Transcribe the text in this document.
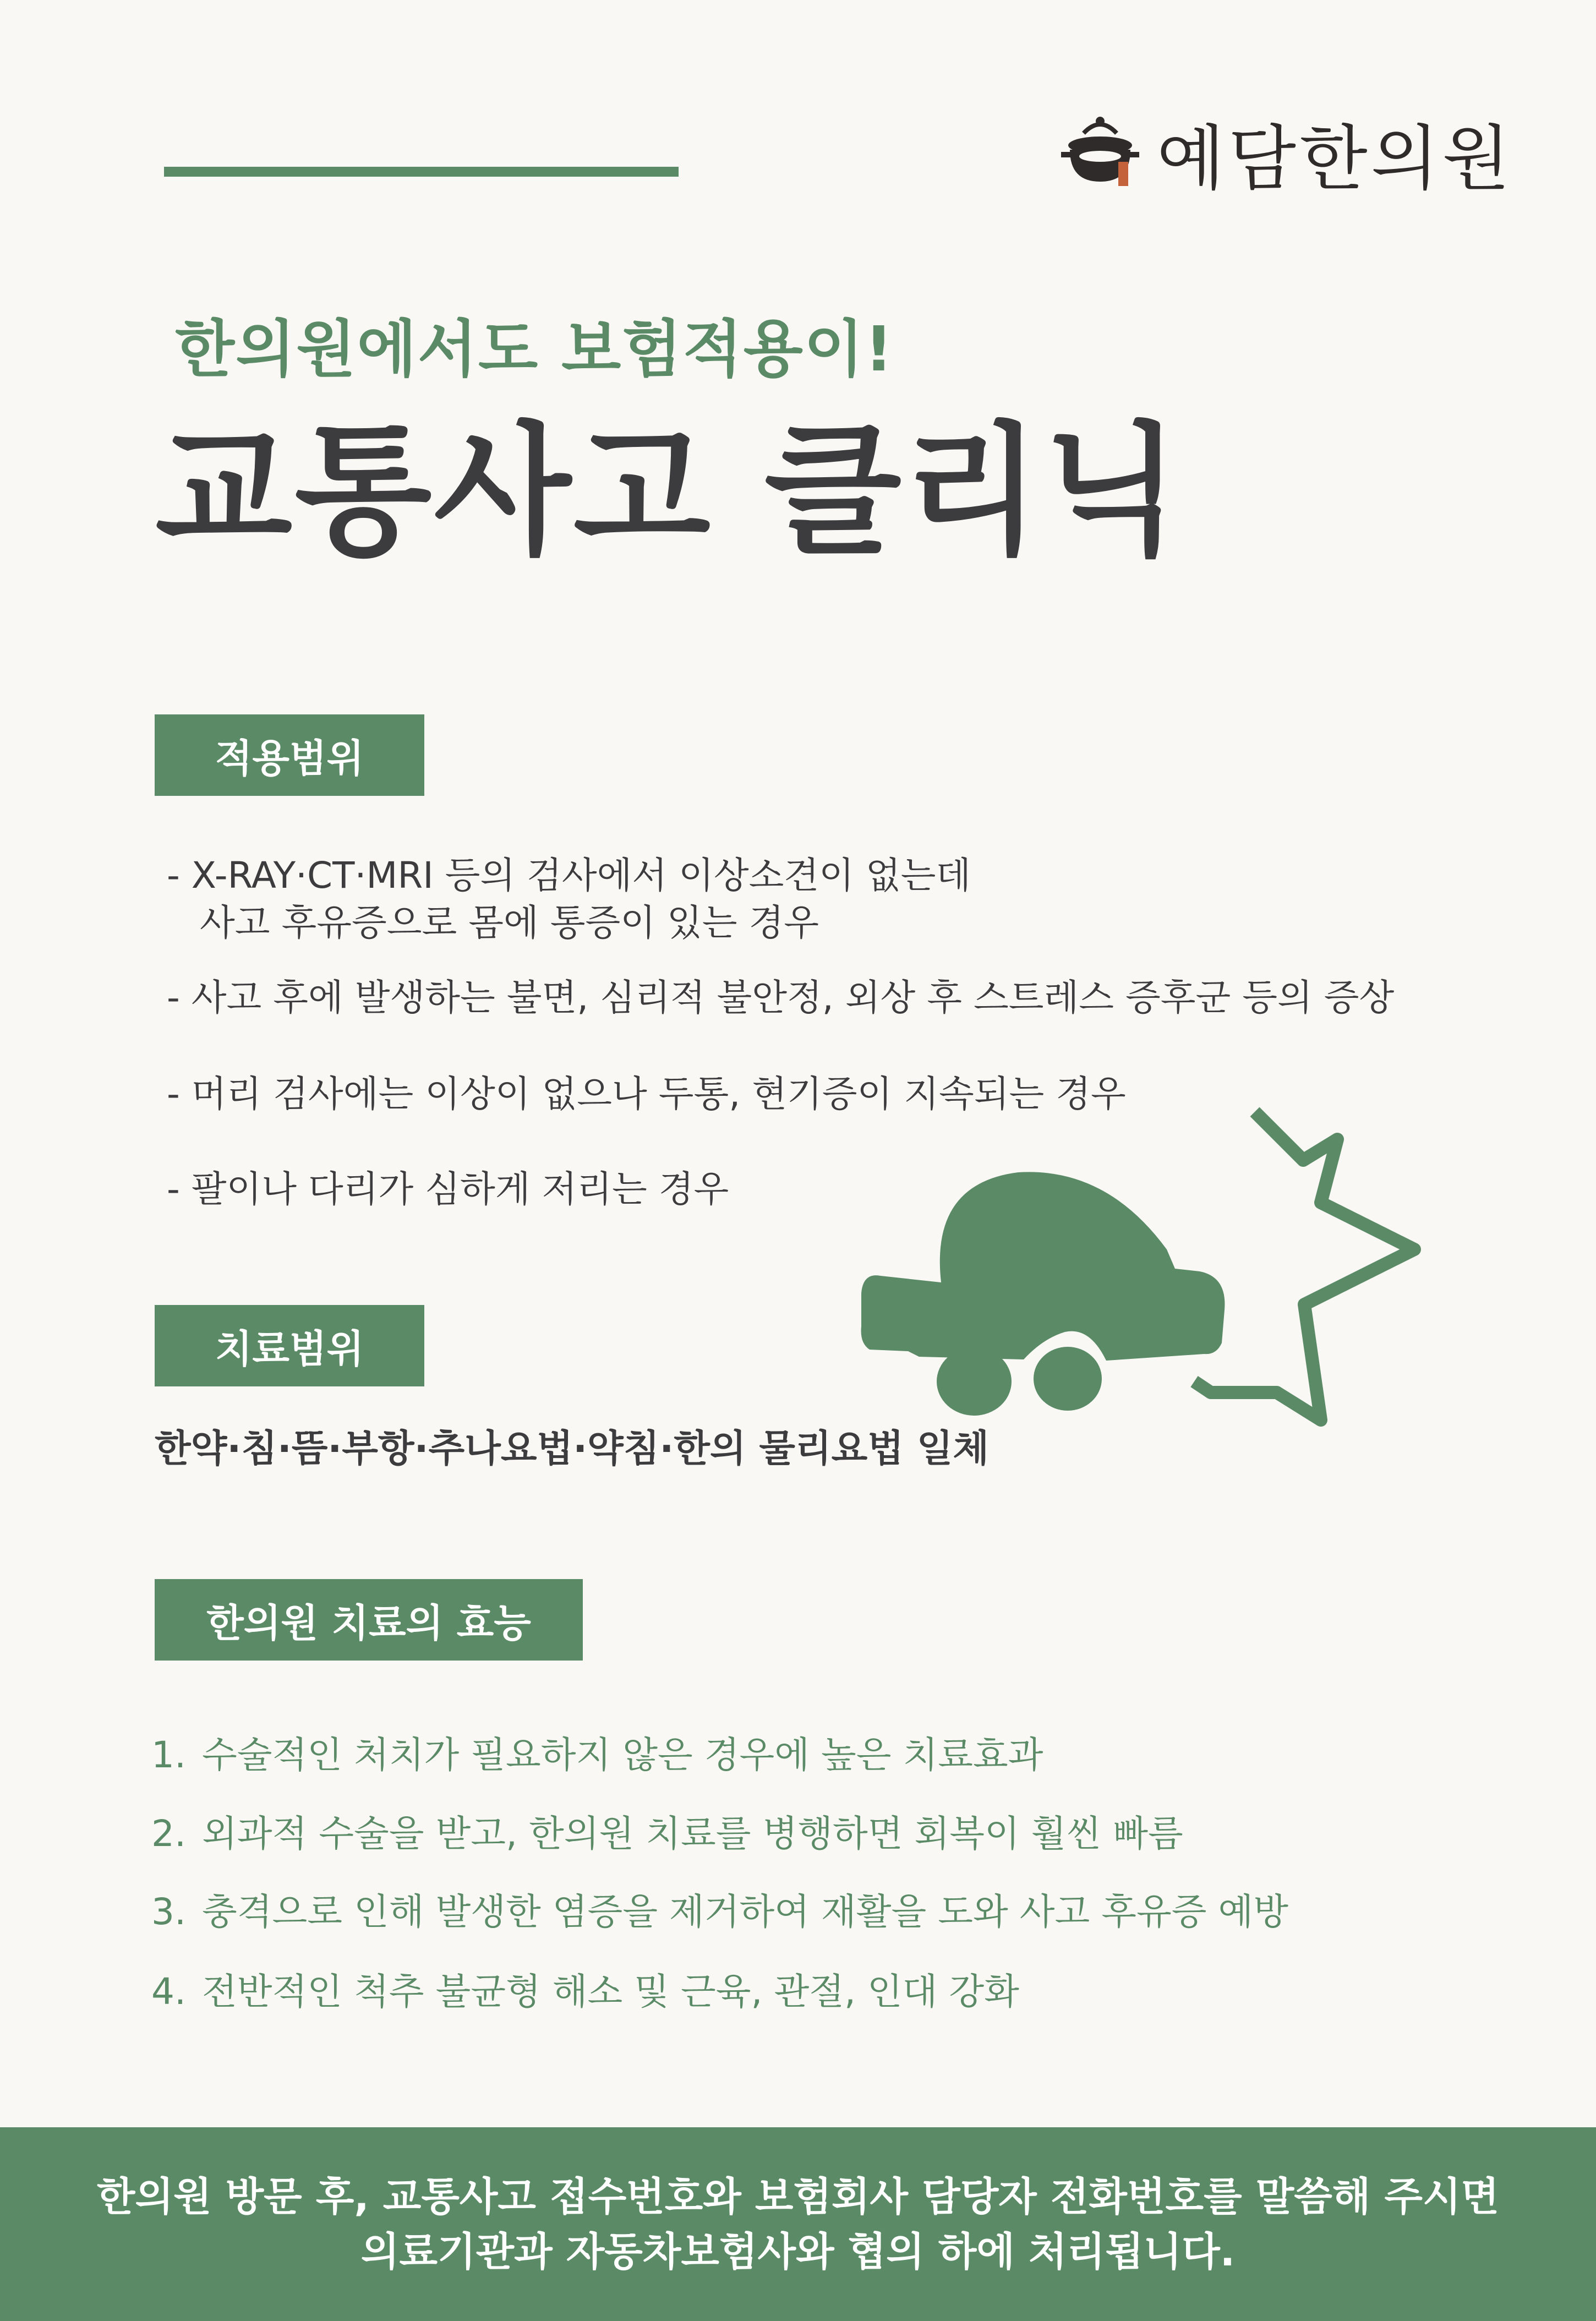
예담한의원
한의원에서도 보험적용이!
교통사고 클리닉
적용범위
- X-RAY·CT·MRI 등의 검사에서 이상소견이 없는데
사고 후유증으로 몸에 통증이 있는 경우
- 사고 후에 발생하는 불면, 심리적 불안정, 외상 후 스트레스 증후군 등의 증상
- 머리 검사에는 이상이 없으나 두통, 현기증이 지속되는 경우
- 팔이나 다리가 심하게 저리는 경우
치료범위
한약·침·뜸·부항·추나요법·약침·한의 물리요법 일체
한의원 치료의 효능
1. 수술적인 처치가 필요하지 않은 경우에 높은 치료효과
2. 외과적 수술을 받고, 한의원 치료를 병행하면 회복이 훨씬 빠름
3. 충격으로 인해 발생한 염증을 제거하여 재활을 도와 사고 후유증 예방
4. 전반적인 척추 불균형 해소 및 근육, 관절, 인대 강화
한의원 방문 후, 교통사고 접수번호와 보험회사 담당자 전화번호를 말씀해 주시면
의료기관과 자동차보험사와 협의 하에 처리됩니다.
